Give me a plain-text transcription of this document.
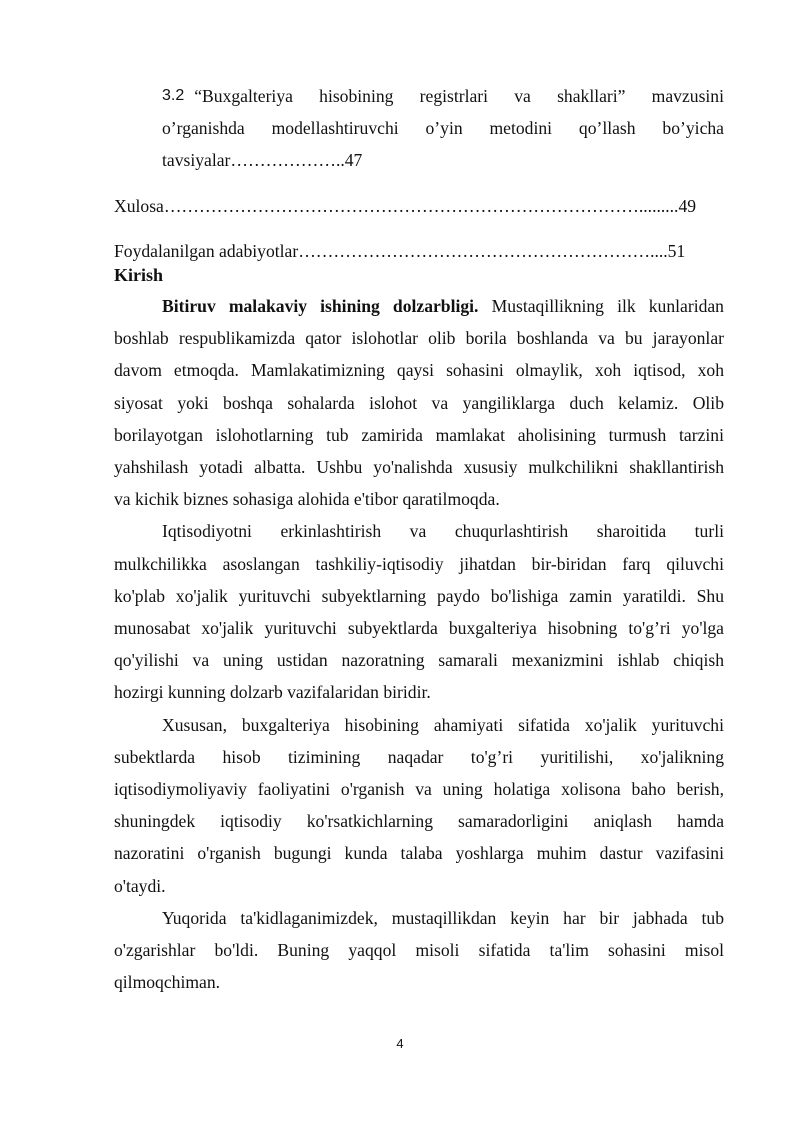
3.2 “Buxgalteriya hisobining registrlari va shakllari” mavzusini
o’rganishda modellashtiruvchi o’yin metodini qo’llash bo’yicha
tavsiyalar………………..47
Xulosa……………………………………………………………………….........49
Foydalanilgan adabiyotlar……………………………………………………....51
Kirish
Bitiruv malakaviy ishining dolzarbligi. Mustaqillikning ilk kunlaridan
boshlab respublikamizda qator islohotlar olib borila boshlanda va bu jarayonlar
davom etmoqda. Mamlakatimizning qaysi sohasini olmaylik, xoh iqtisod, xoh
siyosat yoki boshqa sohalarda islohot va yangiliklarga duch kelamiz. Olib
borilayotgan islohotlarning tub zamirida mamlakat aholisining turmush tarzini
yahshilash yotadi albatta. Ushbu yo'nalishda xususiy mulkchilikni shakllantirish
va kichik biznes sohasiga alohida e'tibor qaratilmoqda.
Iqtisodiyotni erkinlashtirish va chuqurlashtirish sharoitida turli
mulkchilikka asoslangan tashkiliy-iqtisodiy jihatdan bir-biridan farq qiluvchi
ko'plab xo'jalik yurituvchi subyektlarning paydo bo'lishiga zamin yaratildi. Shu
munosabat xo'jalik yurituvchi subyektlarda buxgalteriya hisobning to'g’ri yo'lga
qo'yilishi va uning ustidan nazoratning samarali mexanizmini ishlab chiqish
hozirgi kunning dolzarb vazifalaridan biridir.
Xususan, buxgalteriya hisobining ahamiyati sifatida xo'jalik yurituvchi
subektlarda hisob tizimining naqadar to'g’ri yuritilishi, xo'jalikning
iqtisodiymoliyaviy faoliyatini o'rganish va uning holatiga xolisona baho berish,
shuningdek iqtisodiy ko'rsatkichlarning samaradorligini aniqlash hamda
nazoratini o'rganish bugungi kunda talaba yoshlarga muhim dastur vazifasini
o'taydi.
Yuqorida ta'kidlaganimizdek, mustaqillikdan keyin har bir jabhada tub
o'zgarishlar bo'ldi. Buning yaqqol misoli sifatida ta'lim sohasini misol
qilmoqchiman.
4
